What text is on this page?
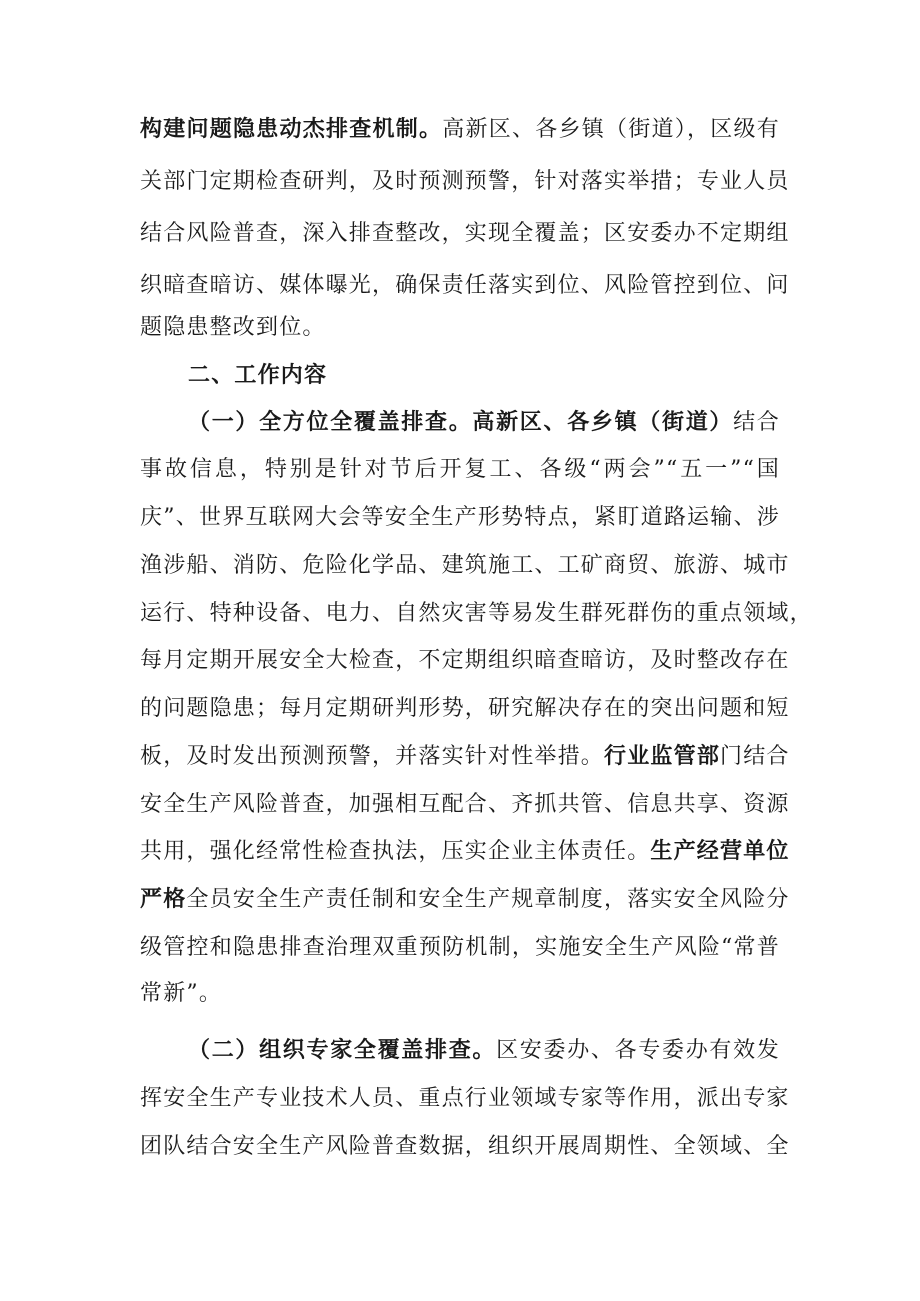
构建问题隐患动杰排查机制。高新区、各乡镇（街道），区级有
关部门定期检查研判，及时预测预警，针对落实举措；专业人员
结合风险普查，深入排查整改，实现全覆盖；区安委办不定期组
织暗查暗访、媒体曝光，确保责任落实到位、风险管控到位、问
题隐患整改到位。
二、工作内容
（一）全方位全覆盖排查。高新区、各乡镇（街道）结合
事故信息，特别是针对节后开复工、各级“两会”“五一”“国
庆”、世界互联网大会等安全生产形势特点，紧盯道路运输、涉
渔涉船、消防、危险化学品、建筑施工、工矿商贸、旅游、城市
运行、特种设备、电力、自然灾害等易发生群死群伤的重点领域，
每月定期开展安全大检查，不定期组织暗查暗访，及时整改存在
的问题隐患；每月定期研判形势，研究解决存在的突出问题和短
板，及时发出预测预警，并落实针对性举措。行业监管部门结合
安全生产风险普查，加强相互配合、齐抓共管、信息共享、资源
共用，强化经常性检查执法，压实企业主体责任。生产经营单位
严格全员安全生产责任制和安全生产规章制度，落实安全风险分
级管控和隐患排查治理双重预防机制，实施安全生产风险“常普
常新”。
（二）组织专家全覆盖排查。区安委办、各专委办有效发
挥安全生产专业技术人员、重点行业领域专家等作用，派出专家
团队结合安全生产风险普查数据，组织开展周期性、全领域、全
